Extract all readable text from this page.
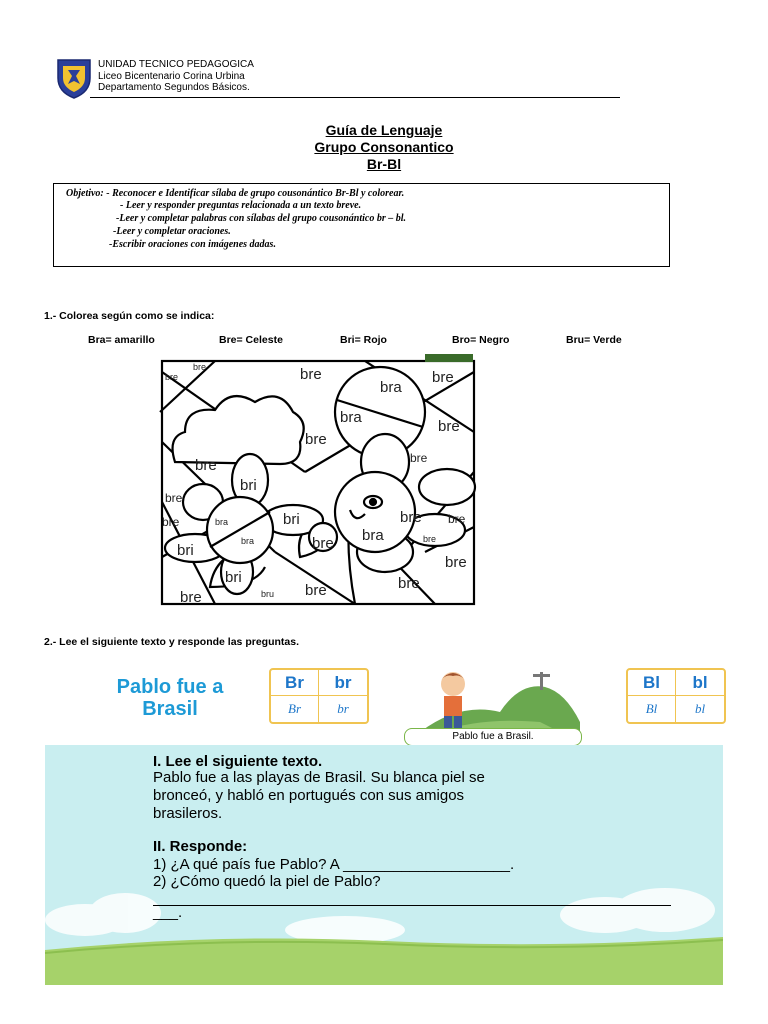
UNIDAD TECNICO PEDAGOGICA
Liceo Bicentenario Corina Urbina
Departamento Segundos Básicos.
Guía de Lenguaje
Grupo Consonantico
Br-Bl
Objetivo: - Reconocer e Identificar sílaba de grupo cousonántico Br-Bl y colorear.
- Leer y responder preguntas relacionada a un texto breve.
-Leer y completar palabras con sílabas del grupo cousonántico br – bl.
-Leer y completar oraciones.
-Escribir oraciones con imágenes dadas.
1.- Colorea según como se indica:
Bra= amarillo	Bre= Celeste	Bri= Rojo	Bro= Negro	Bru= Verde
bre
bra
bre
bra
bre
bre
bre
bri
bri
bri
bri
bre bra
bre
bre
bre
bre
bre
bre
bre
bre
bre
bre
bre
bra
bra	bre
bru
2.- Lee el siguiente texto y responde las preguntas.
Pablo fue a
Brasil
Br	br
Br	br
Pablo fue a Brasil.
Bl	bl
Bl	bl
I. Lee el siguiente texto.
Pablo fue a las playas de Brasil. Su blanca piel se
bronceó, y habló en portugués con sus amigos
brasileros.
II. Responde:
1) ¿A qué país fue Pablo? A ____________________.
2) ¿Cómo quedó la piel de Pablo?
___.
